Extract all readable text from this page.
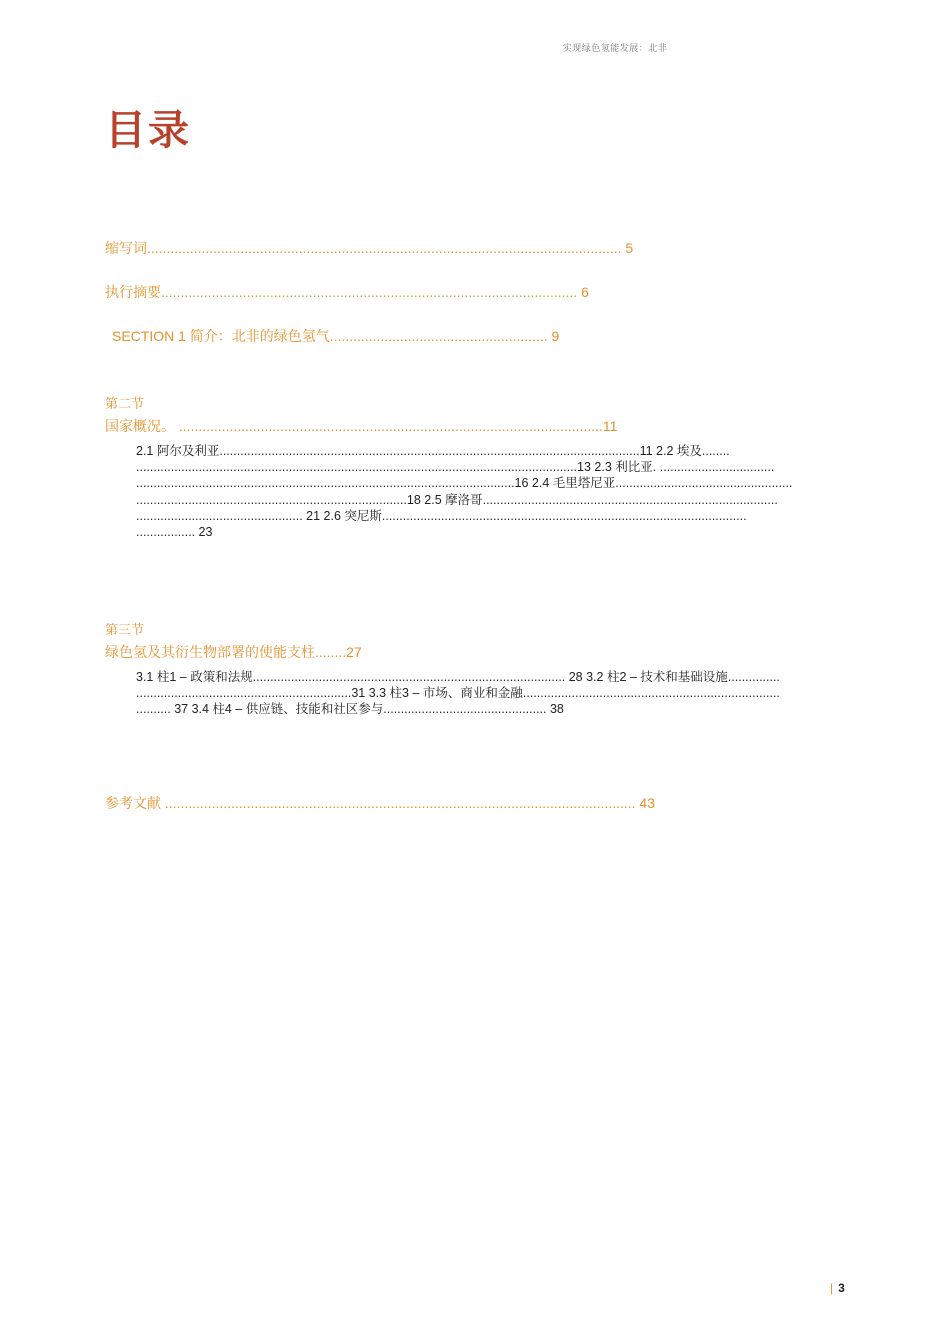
实现绿色氢能发展：北非
目录
缩写词.......................................................................................................................... 5
执行摘要........................................................................................................... 6
SECTION 1 简介：北非的绿色氢气........................................................ 9
第二节
国家概况。 .............................................................................................................11
2.1 阿尔及利亚.........................................................................................................................11 2.2 埃及........
...............................................................................................................................13 2.3 利比亚. .................................
.............................................................................................................16 2.4 毛里塔尼亚...................................................
..............................................................................18 2.5 摩洛哥.....................................................................................
................................................ 21 2.6 突尼斯.........................................................................................................
................. 23
第三节
绿色氢及其衍生物部署的使能支柱........27
3.1 柱1 – 政策和法规.......................................................................................... 28 3.2 柱2 – 技术和基础设施...............
..............................................................31 3.3 柱3 – 市场、商业和金融..........................................................................
.......... 37 3.4 柱4 – 供应链、技能和社区参与............................................... 38
参考文献 ......................................................................................................................... 43
| 3
